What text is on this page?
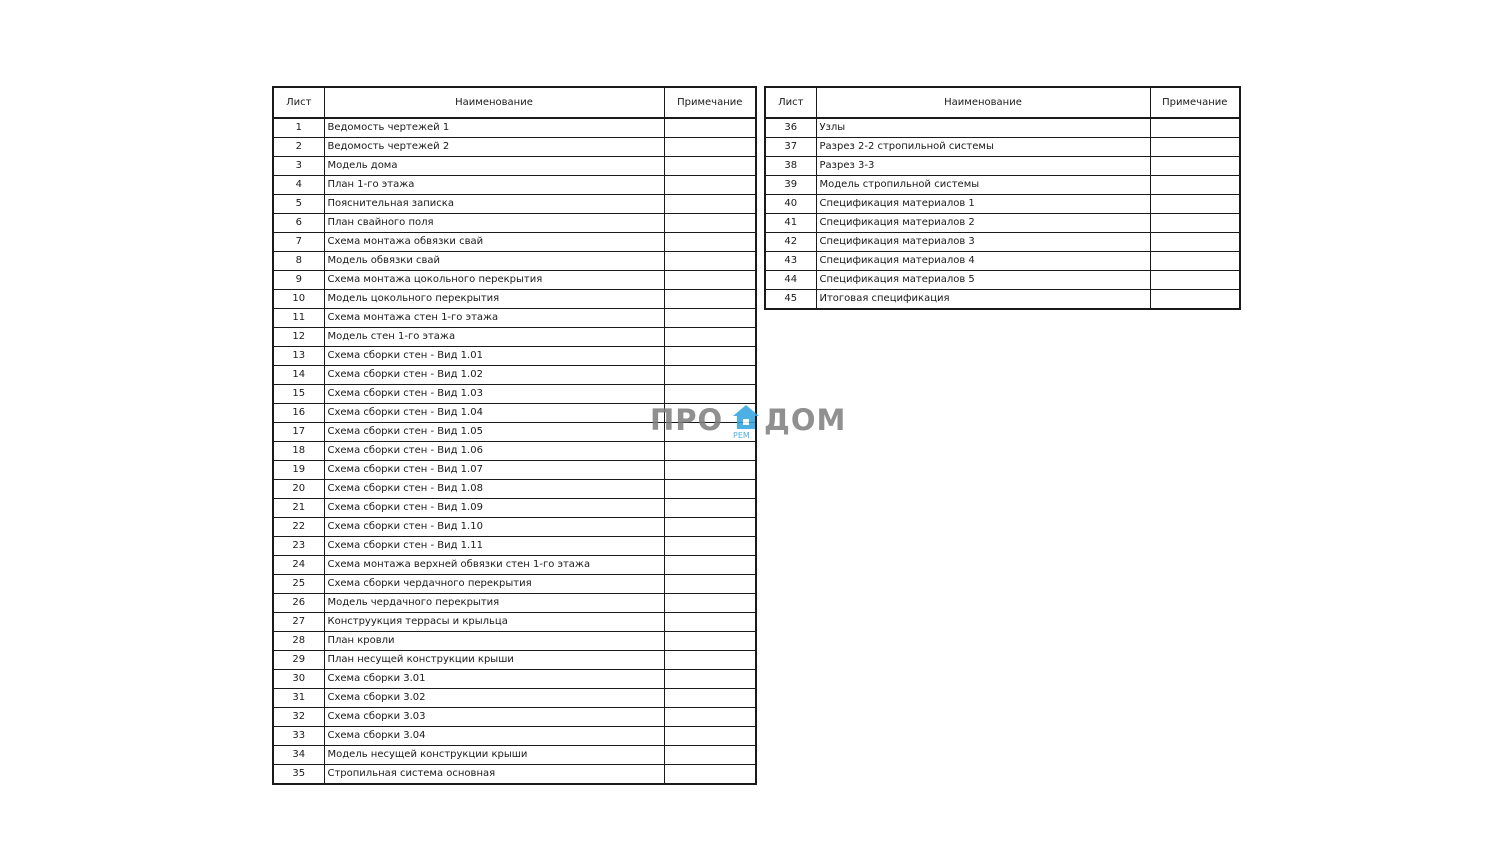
Лист	Наименование	Примечание
1	Ведомость чертежей 1	
2	Ведомость чертежей 2	
3	Модель дома	
4	План 1-го этажа	
5	Пояснительная записка	
6	План свайного поля	
7	Схема монтажа обвязки свай	
8	Модель обвязки свай	
9	Схема монтажа цокольного перекрытия	
10	Модель цокольного перекрытия	
11	Схема монтажа стен 1-го этажа	
12	Модель стен 1-го этажа	
13	Схема сборки стен - Вид 1.01	
14	Схема сборки стен - Вид 1.02	
15	Схема сборки стен - Вид 1.03	
16	Схема сборки стен - Вид 1.04	
17	Схема сборки стен - Вид 1.05	
18	Схема сборки стен - Вид 1.06	
19	Схема сборки стен - Вид 1.07	
20	Схема сборки стен - Вид 1.08	
21	Схема сборки стен - Вид 1.09	
22	Схема сборки стен - Вид 1.10	
23	Схема сборки стен - Вид 1.11	
24	Схема монтажа верхней обвязки стен 1-го этажа	
25	Схема сборки чердачного перекрытия	
26	Модель чердачного перекрытия	
27	Конструукция террасы и крыльца	
28	План кровли	
29	План несущей конструкции крыши	
30	Схема сборки 3.01	
31	Схема сборки 3.02	
32	Схема сборки 3.03	
33	Схема сборки 3.04	
34	Модель несущей конструкции крыши	
35	Стропильная система основная	
Лист	Наименование	Примечание
36	Узлы	
37	Разрез 2-2 стропильной системы	
38	Разрез 3-3	
39	Модель стропильной системы	
40	Спецификация материалов 1	
41	Спецификация материалов 2	
42	Спецификация материалов 3	
43	Спецификация материалов 4	
44	Спецификация материалов 5	
45	Итоговая спецификация	
ПРО ДОМ
РЕМ
